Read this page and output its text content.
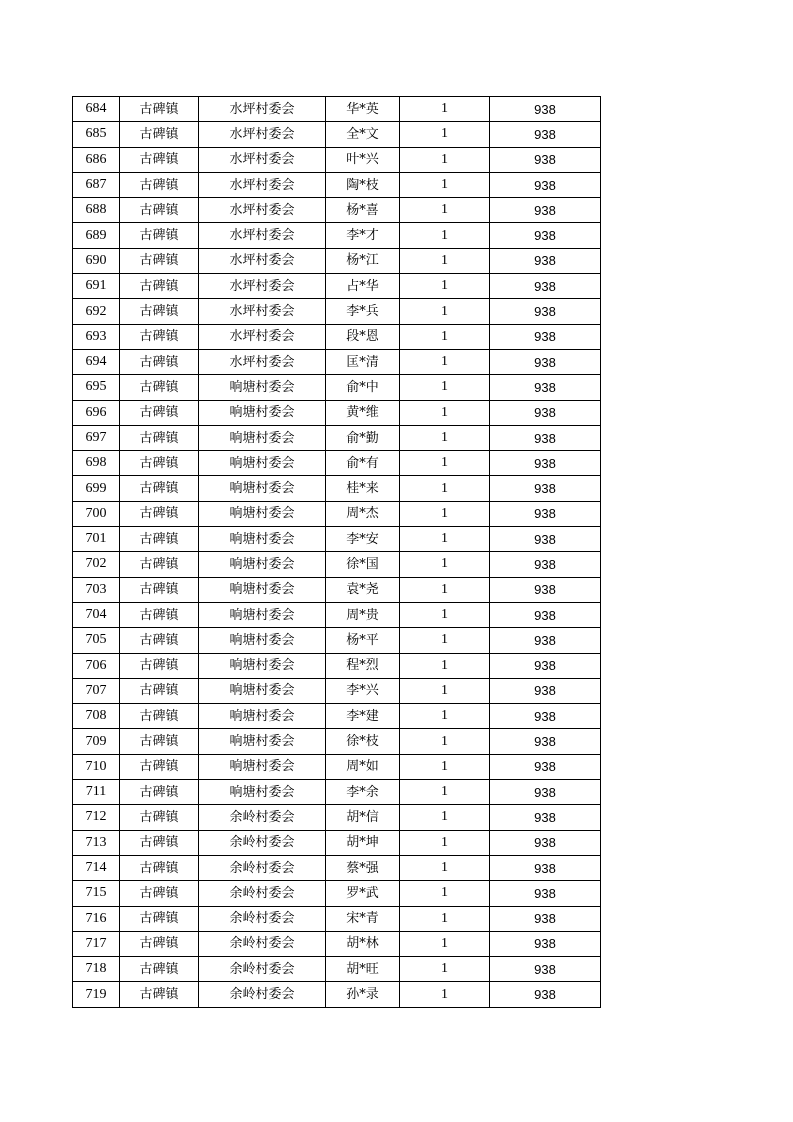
684	古碑镇	水坪村委会	华*英	1	938
685	古碑镇	水坪村委会	全*文	1	938
686	古碑镇	水坪村委会	叶*兴	1	938
687	古碑镇	水坪村委会	陶*枝	1	938
688	古碑镇	水坪村委会	杨*喜	1	938
689	古碑镇	水坪村委会	李*才	1	938
690	古碑镇	水坪村委会	杨*江	1	938
691	古碑镇	水坪村委会	占*华	1	938
692	古碑镇	水坪村委会	李*兵	1	938
693	古碑镇	水坪村委会	段*恩	1	938
694	古碑镇	水坪村委会	匡*清	1	938
695	古碑镇	响塘村委会	俞*中	1	938
696	古碑镇	响塘村委会	黄*维	1	938
697	古碑镇	响塘村委会	俞*勤	1	938
698	古碑镇	响塘村委会	俞*有	1	938
699	古碑镇	响塘村委会	桂*来	1	938
700	古碑镇	响塘村委会	周*杰	1	938
701	古碑镇	响塘村委会	李*安	1	938
702	古碑镇	响塘村委会	徐*国	1	938
703	古碑镇	响塘村委会	袁*尧	1	938
704	古碑镇	响塘村委会	周*贵	1	938
705	古碑镇	响塘村委会	杨*平	1	938
706	古碑镇	响塘村委会	程*烈	1	938
707	古碑镇	响塘村委会	李*兴	1	938
708	古碑镇	响塘村委会	李*建	1	938
709	古碑镇	响塘村委会	徐*枝	1	938
710	古碑镇	响塘村委会	周*如	1	938
711	古碑镇	响塘村委会	李*余	1	938
712	古碑镇	余岭村委会	胡*信	1	938
713	古碑镇	余岭村委会	胡*坤	1	938
714	古碑镇	余岭村委会	蔡*强	1	938
715	古碑镇	余岭村委会	罗*武	1	938
716	古碑镇	余岭村委会	宋*青	1	938
717	古碑镇	余岭村委会	胡*林	1	938
718	古碑镇	余岭村委会	胡*旺	1	938
719	古碑镇	余岭村委会	孙*录	1	938
